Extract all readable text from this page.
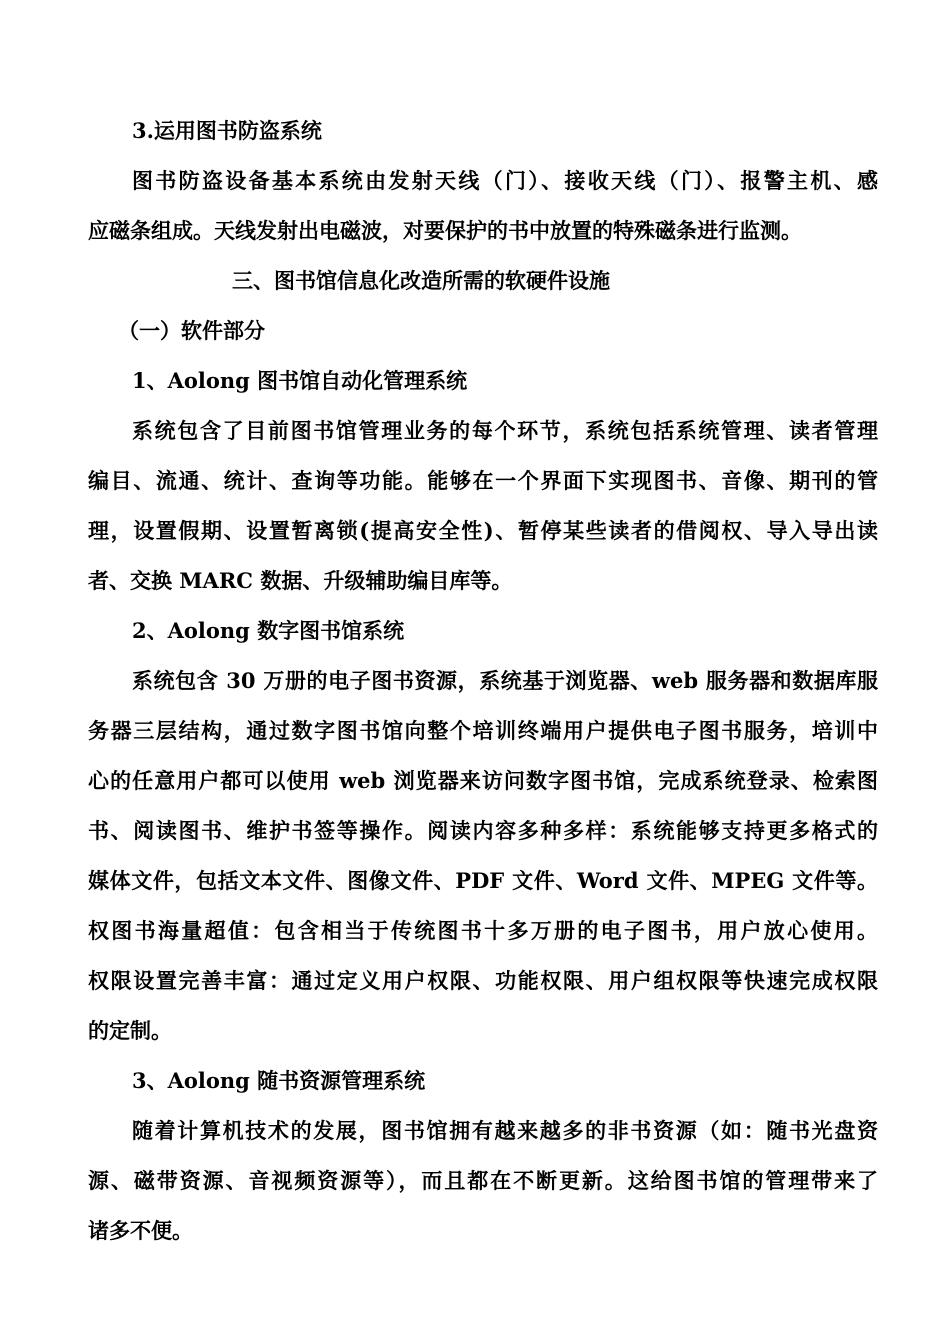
3.运用图书防盗系统
图书防盗设备基本系统由发射天线（门）、接收天线（门）、报警主机、感
应磁条组成。天线发射出电磁波，对要保护的书中放置的特殊磁条进行监测。
三、图书馆信息化改造所需的软硬件设施
（一）软件部分
1、Aolong 图书馆自动化管理系统
系统包含了目前图书馆管理业务的每个环节，系统包括系统管理、读者管理
编目、流通、统计、查询等功能。能够在一个界面下实现图书、音像、期刊的管
理，设置假期、设置暂离锁(提高安全性)、暂停某些读者的借阅权、导入导出读
者、交换 MARC 数据、升级辅助编目库等。
2、Aolong 数字图书馆系统
系统包含 30 万册的电子图书资源，系统基于浏览器、web 服务器和数据库服
务器三层结构，通过数字图书馆向整个培训终端用户提供电子图书服务，培训中
心的任意用户都可以使用 web 浏览器来访问数字图书馆，完成系统登录、检索图
书、阅读图书、维护书签等操作。阅读内容多种多样：系统能够支持更多格式的
媒体文件，包括文本文件、图像文件、PDF 文件、Word 文件、MPEG 文件等。
权图书海量超值：包含相当于传统图书十多万册的电子图书，用户放心使用。
权限设置完善丰富：通过定义用户权限、功能权限、用户组权限等快速完成权限
的定制。
3、Aolong 随书资源管理系统
随着计算机技术的发展，图书馆拥有越来越多的非书资源（如：随书光盘资
源、磁带资源、音视频资源等），而且都在不断更新。这给图书馆的管理带来了
诸多不便。
